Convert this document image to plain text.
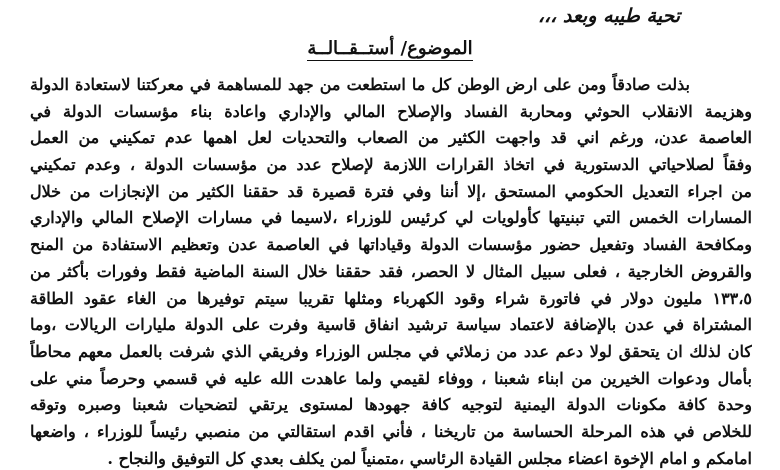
تحية طيبه وبعد ،،،
الموضوع/ أستــقــالــة
بذلت صادقاً ومن على ارض الوطن كل ما استطعت من جهد للمساهمة في معركتنا لاستعادة الدولة
وهزيمة الانقلاب الحوثي ومحاربة الفساد والإصلاح المالي والإداري واعادة بناء مؤسسات الدولة في
العاصمة عدن، ورغم اني قد واجهت الكثير من الصعاب والتحديات لعل اهمها عدم تمكيني من العمل
وفقاً لصلاحياتي الدستورية في اتخاذ القرارات اللازمة لإصلاح عدد من مؤسسات الدولة ، وعدم تمكيني
من اجراء التعديل الحكومي المستحق ،إلا أننا وفي فترة قصيرة قد حققنا الكثير من الإنجازات من خلال
المسارات الخمس التي تبنيتها كأولويات لي كرئيس للوزراء ،لاسيما في مسارات الإصلاح المالي والإداري
ومكافحة الفساد وتفعيل حضور مؤسسات الدولة وقياداتها في العاصمة عدن وتعظيم الاستفادة من المنح
والقروض الخارجية ، فعلى سبيل المثال لا الحصر، فقد حققنا خلال السنة الماضية فقط وفورات بأكثر من
١٣٣،٥ مليون دولار في فاتورة شراء وقود الكهرباء ومثلها تقريبا سيتم توفيرها من الغاء عقود الطاقة
المشتراة في عدن بالإضافة لاعتماد سياسة ترشيد انفاق قاسية وفرت على الدولة مليارات الريالات ،وما
كان لذلك ان يتحقق لولا دعم عدد من زملائي في مجلس الوزراء وفريقي الذي شرفت بالعمل معهم محاطاً
بأمال ودعوات الخيرين من ابناء شعبنا ، ووفاء لقيمي ولما عاهدت الله عليه في قسمي وحرصاً مني على
وحدة كافة مكونات الدولة اليمنية لتوجيه كافة جهودها لمستوى يرتقي لتضحيات شعبنا وصبره وتوقه
للخلاص في هذه المرحلة الحساسة من تاريخنا ، فأني اقدم استقالتي من منصبي رئيساً للوزراء ، واضعها
امامكم و امام الإخوة اعضاء مجلس القيادة الرئاسي ،متمنياً لمن يكلف بعدي كل التوفيق والنجاح .
